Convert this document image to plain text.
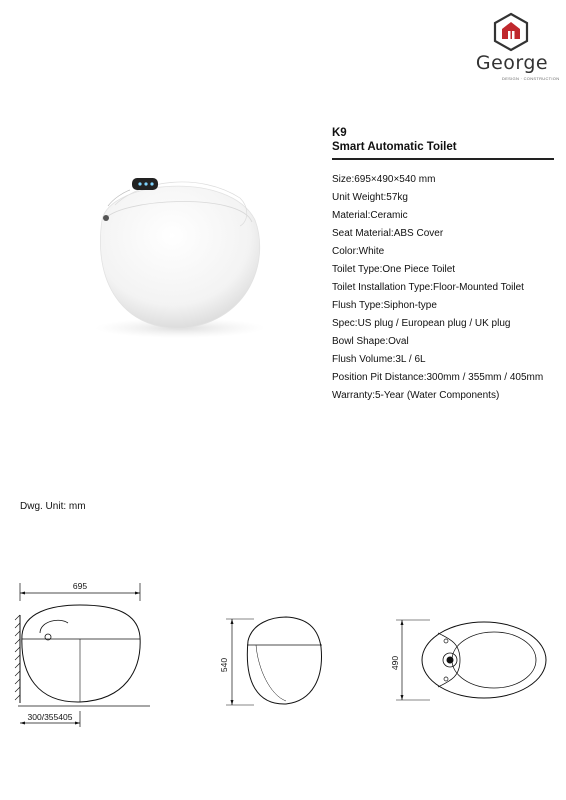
George
DESIGN · CONSTRUCTION
K9
Smart Automatic Toilet
Size:695×490×540 mm
Unit Weight:57kg
Material:Ceramic
Seat Material:ABS Cover
Color:White
Toilet Type:One Piece Toilet
Toilet Installation Type:Floor-Mounted Toilet
Flush Type:Siphon-type
Spec:US plug / European plug / UK plug
Bowl Shape:Oval
Flush Volume:3L / 6L
Position Pit Distance:300mm / 355mm / 405mm
Warranty:5-Year (Water Components)
Dwg. Unit: mm
695
300/355405
540	490
